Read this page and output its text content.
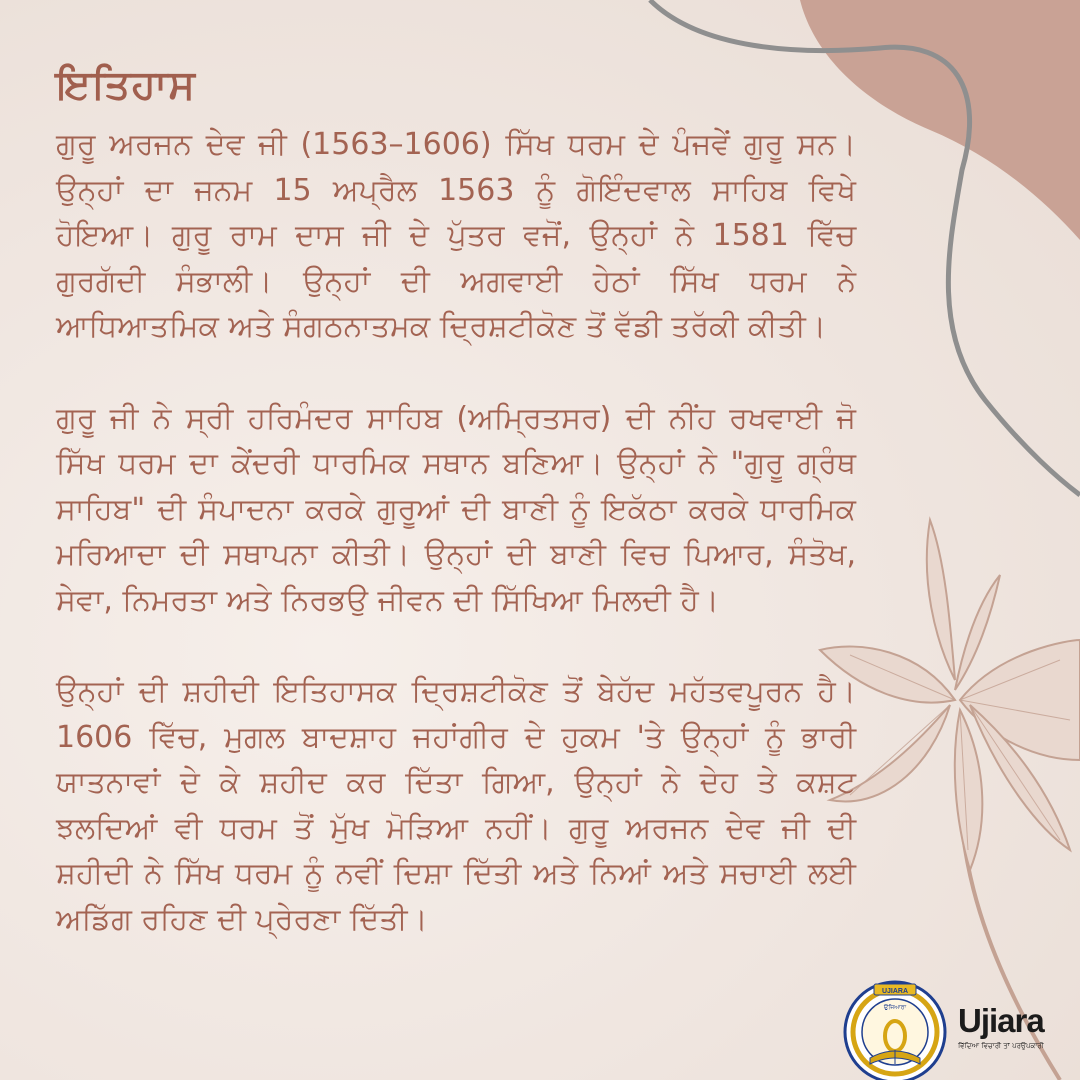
ਇਤਿਹਾਸ

ਗੁਰੂ ਅਰਜਨ ਦੇਵ ਜੀ (1563–1606) ਸਿੱਖ ਧਰਮ ਦੇ ਪੰਜਵੇਂ ਗੁਰੂ ਸਨ। ਉਨ੍ਹਾਂ ਦਾ ਜਨਮ 15 ਅਪ੍ਰੈਲ 1563 ਨੂੰ ਗੋਇੰਦਵਾਲ ਸਾਹਿਬ ਵਿਖੇ ਹੋਇਆ। ਗੁਰੂ ਰਾਮ ਦਾਸ ਜੀ ਦੇ ਪੁੱਤਰ ਵਜੋਂ, ਉਨ੍ਹਾਂ ਨੇ 1581 ਵਿੱਚ ਗੁਰਗੱਦੀ ਸੰਭਾਲੀ। ਉਨ੍ਹਾਂ ਦੀ ਅਗਵਾਈ ਹੇਠਾਂ ਸਿੱਖ ਧਰਮ ਨੇ ਆਧਿਆਤਮਿਕ ਅਤੇ ਸੰਗਠਨਾਤਮਕ ਦ੍ਰਿਸ਼ਟੀਕੋਣ ਤੋਂ ਵੱਡੀ ਤਰੱਕੀ ਕੀਤੀ।

ਗੁਰੂ ਜੀ ਨੇ ਸ੍ਰੀ ਹਰਿਮੰਦਰ ਸਾਹਿਬ (ਅਮ੍ਰਿਤਸਰ) ਦੀ ਨੀਂਹ ਰਖਵਾਈ ਜੋ ਸਿੱਖ ਧਰਮ ਦਾ ਕੇਂਦਰੀ ਧਾਰਮਿਕ ਸਥਾਨ ਬਣਿਆ। ਉਨ੍ਹਾਂ ਨੇ "ਗੁਰੂ ਗ੍ਰੰਥ ਸਾਹਿਬ" ਦੀ ਸੰਪਾਦਨਾ ਕਰਕੇ ਗੁਰੂਆਂ ਦੀ ਬਾਣੀ ਨੂੰ ਇਕੱਠਾ ਕਰਕੇ ਧਾਰਮਿਕ ਮਰਿਆਦਾ ਦੀ ਸਥਾਪਨਾ ਕੀਤੀ। ਉਨ੍ਹਾਂ ਦੀ ਬਾਣੀ ਵਿਚ ਪਿਆਰ, ਸੰਤੋਖ, ਸੇਵਾ, ਨਿਮਰਤਾ ਅਤੇ ਨਿਰਭਉ ਜੀਵਨ ਦੀ ਸਿੱਖਿਆ ਮਿਲਦੀ ਹੈ।

ਉਨ੍ਹਾਂ ਦੀ ਸ਼ਹੀਦੀ ਇਤਿਹਾਸਕ ਦ੍ਰਿਸ਼ਟੀਕੋਣ ਤੋਂ ਬੇਹੱਦ ਮਹੱਤਵਪੂਰਨ ਹੈ। 1606 ਵਿੱਚ, ਮੁਗਲ ਬਾਦਸ਼ਾਹ ਜਹਾਂਗੀਰ ਦੇ ਹੁਕਮ 'ਤੇ ਉਨ੍ਹਾਂ ਨੂੰ ਭਾਰੀ ਯਾਤਨਾਵਾਂ ਦੇ ਕੇ ਸ਼ਹੀਦ ਕਰ ਦਿੱਤਾ ਗਿਆ, ਉਨ੍ਹਾਂ ਨੇ ਦੇਹ ਤੇ ਕਸ਼ਟ ਝਲਦਿਆਂ ਵੀ ਧਰਮ ਤੋਂ ਮੁੱਖ ਮੋੜਿਆ ਨਹੀਂ। ਗੁਰੂ ਅਰਜਨ ਦੇਵ ਜੀ ਦੀ ਸ਼ਹੀਦੀ ਨੇ ਸਿੱਖ ਧਰਮ ਨੂੰ ਨਵੀਂ ਦਿਸ਼ਾ ਦਿੱਤੀ ਅਤੇ ਨਿਆਂ ਅਤੇ ਸਚਾਈ ਲਈ ਅਡਿੱਗ ਰਹਿਣ ਦੀ ਪ੍ਰੇਰਣਾ ਦਿੱਤੀ।

UJIARA
ਉਜਿਆਰਾ Ujiara
ਵਿੱਦਿਆ ਵਿਚਾਰੀ ਤਾਂ ਪਰਉਪਕਾਰੀ
